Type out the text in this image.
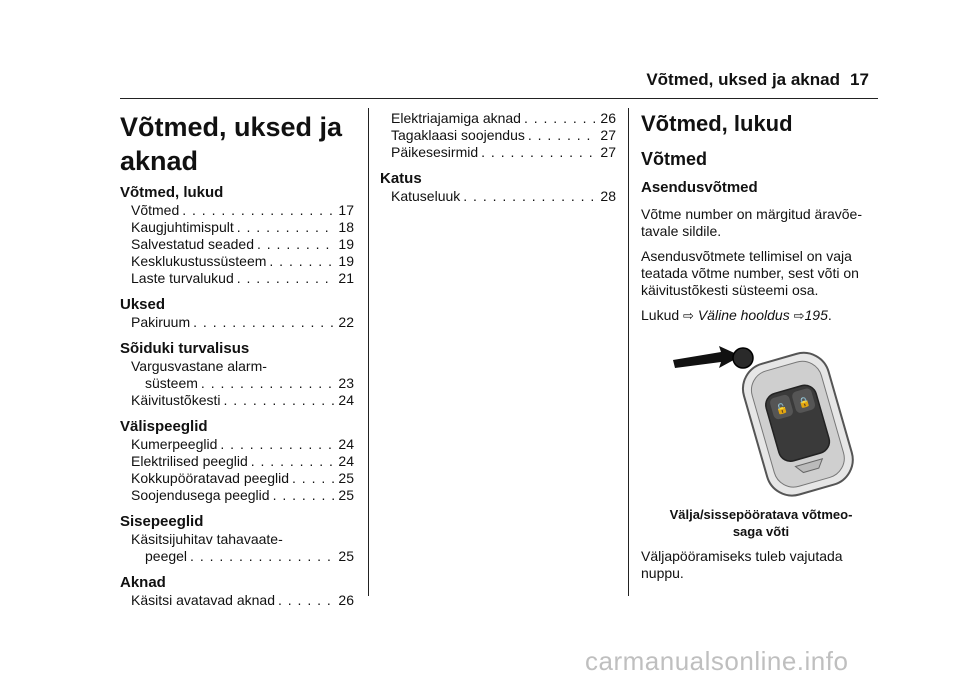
Võtmed, uksed ja aknad 17
Võtmed, uksed ja
aknad
Võtmed, lukud
Võtmed . . .	17
Kaugjuhtimispult . . .	18
Salvestatud seaded . . .	19
Kesklukustussüsteem . . .	19
Laste turvalukud . . .	21
Uksed
Pakiruum . . .	22
Sõiduki turvalisus
Vargusvastane alarm-
süsteem . . .	23
Käivitustõkesti . . .	24
Välispeeglid
Kumerpeeglid . . .	24
Elektrilised peeglid . . .	24
Kokkupööratavad peeglid . . .	25
Soojendusega peeglid . . .	25
Sisepeeglid
Käsitsijuhitav tahavaate-
peegel . . .	25
Aknad
Käsitsi avatavad aknad . . .	26
Elektriajamiga aknad . . .	26
Tagaklaasi soojendus . . .	27
Päikesesirmid . . .	27
Katus
Katuseluuk . . .	28
Võtmed, lukud
Võtmed
Asendusvõtmed
Võtme number on märgitud äravõe-
tavale sildile.
Asendusvõtmete tellimisel on vaja
teatada võtme number, sest võti on
käivitustõkesti süsteemi osa.
Lukud ⇨ Väline hooldus ⇨195.
🔓 🔒
Välja/sissepööratava võtmeo-
saga võti
Väljapööramiseks tuleb vajutada
nuppu.
carmanualsonline.info
